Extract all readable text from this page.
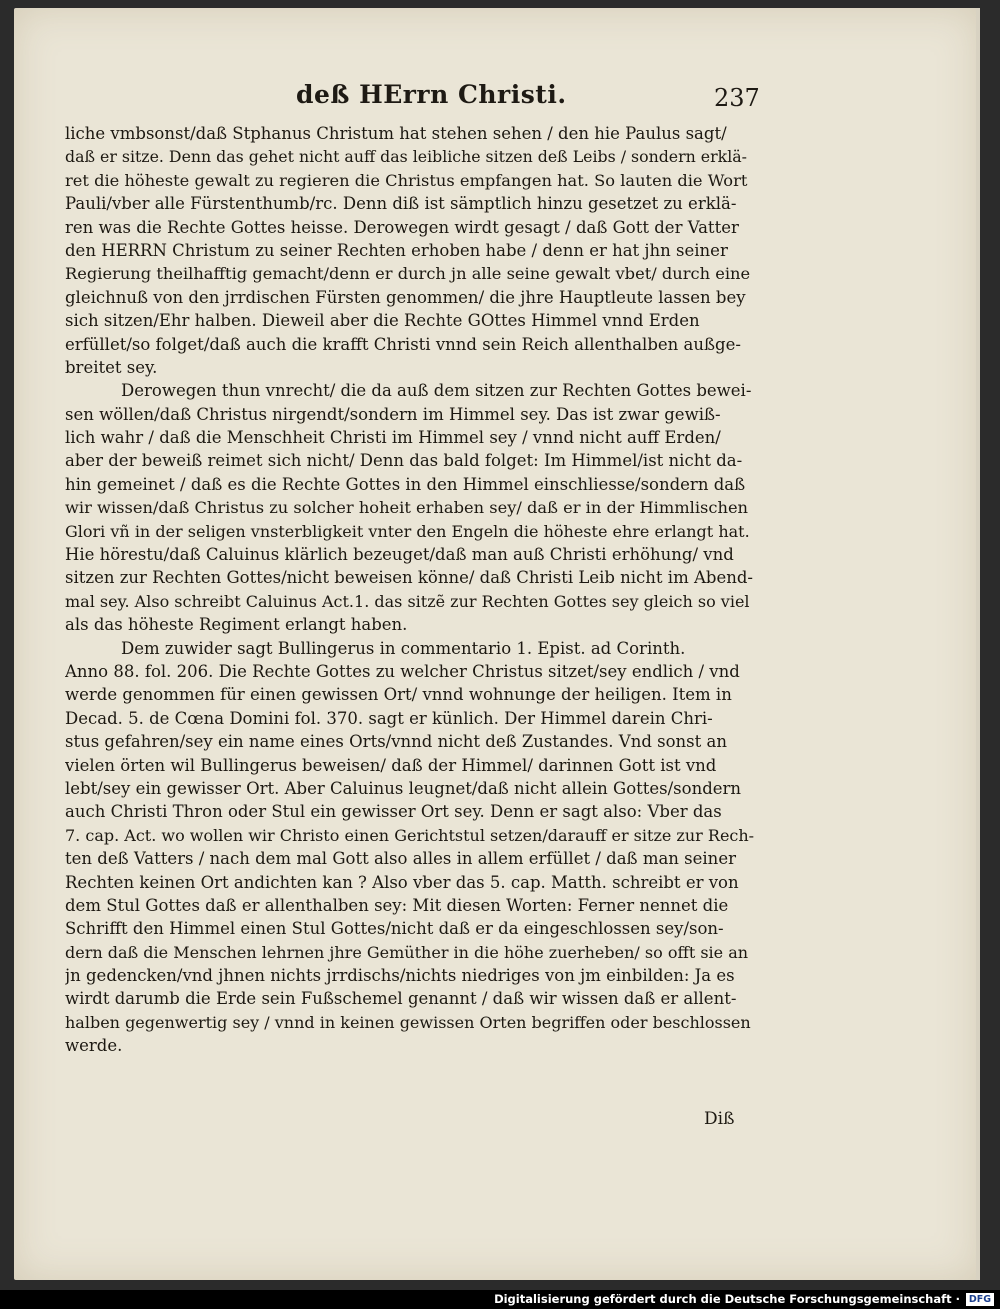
deß HErrn Christi.	237
liche vmbsonst/daß Stphanus Christum hat stehen sehen / den hie Paulus sagt/
daß er sitze. Denn das gehet nicht auff das leibliche sitzen deß Leibs / sondern erklä-
ret die höheste gewalt zu regieren die Christus empfangen hat. So lauten die Wort
Pauli/vber alle Fürstenthumb/rc. Denn diß ist sämptlich hinzu gesetzet zu erklä-
ren was die Rechte Gottes heisse. Derowegen wirdt gesagt / daß Gott der Vatter
den HERRN Christum zu seiner Rechten erhoben habe / denn er hat jhn seiner
Regierung theilhafftig gemacht/denn er durch jn alle seine gewalt vbet/ durch eine
gleichnuß von den jrrdischen Fürsten genommen/ die jhre Hauptleute lassen bey
sich sitzen/Ehr halben. Dieweil aber die Rechte GOttes Himmel vnnd Erden
erfüllet/so folget/daß auch die krafft Christi vnnd sein Reich allenthalben außge-
breitet sey.
Derowegen thun vnrecht/ die da auß dem sitzen zur Rechten Gottes bewei-
sen wöllen/daß Christus nirgendt/sondern im Himmel sey. Das ist zwar gewiß-
lich wahr / daß die Menschheit Christi im Himmel sey / vnnd nicht auff Erden/
aber der beweiß reimet sich nicht/ Denn das bald folget: Im Himmel/ist nicht da-
hin gemeinet / daß es die Rechte Gottes in den Himmel einschliesse/sondern daß
wir wissen/daß Christus zu solcher hoheit erhaben sey/ daß er in der Himmlischen
Glori vñ in der seligen vnsterbligkeit vnter den Engeln die höheste ehre erlangt hat.
Hie hörestu/daß Caluinus klärlich bezeuget/daß man auß Christi erhöhung/ vnd
sitzen zur Rechten Gottes/nicht beweisen könne/ daß Christi Leib nicht im Abend-
mal sey. Also schreibt Caluinus Act.1. das sitzẽ zur Rechten Gottes sey gleich so viel
als das höheste Regiment erlangt haben.
Dem zuwider sagt Bullingerus in commentario 1. Epist. ad Corinth.
Anno 88. fol. 206. Die Rechte Gottes zu welcher Christus sitzet/sey endlich / vnd
werde genommen für einen gewissen Ort/ vnnd wohnunge der heiligen. Item in
Decad. 5. de Cœna Domini fol. 370. sagt er künlich. Der Himmel darein Chri-
stus gefahren/sey ein name eines Orts/vnnd nicht deß Zustandes. Vnd sonst an
vielen örten wil Bullingerus beweisen/ daß der Himmel/ darinnen Gott ist vnd
lebt/sey ein gewisser Ort. Aber Caluinus leugnet/daß nicht allein Gottes/sondern
auch Christi Thron oder Stul ein gewisser Ort sey. Denn er sagt also: Vber das
7. cap. Act. wo wollen wir Christo einen Gerichtstul setzen/darauff er sitze zur Rech-
ten deß Vatters / nach dem mal Gott also alles in allem erfüllet / daß man seiner
Rechten keinen Ort andichten kan ? Also vber das 5. cap. Matth. schreibt er von
dem Stul Gottes daß er allenthalben sey: Mit diesen Worten: Ferner nennet die
Schrifft den Himmel einen Stul Gottes/nicht daß er da eingeschlossen sey/son-
dern daß die Menschen lehrnen jhre Gemüther in die höhe zuerheben/ so offt sie an
jn gedencken/vnd jhnen nichts jrrdischs/nichts niedriges von jm einbilden: Ja es
wirdt darumb die Erde sein Fußschemel genannt / daß wir wissen daß er allent-
halben gegenwertig sey / vnnd in keinen gewissen Orten begriffen oder beschlossen
werde.
Diß
Digitalisierung gefördert durch die Deutsche Forschungsgemeinschaft · DFG
